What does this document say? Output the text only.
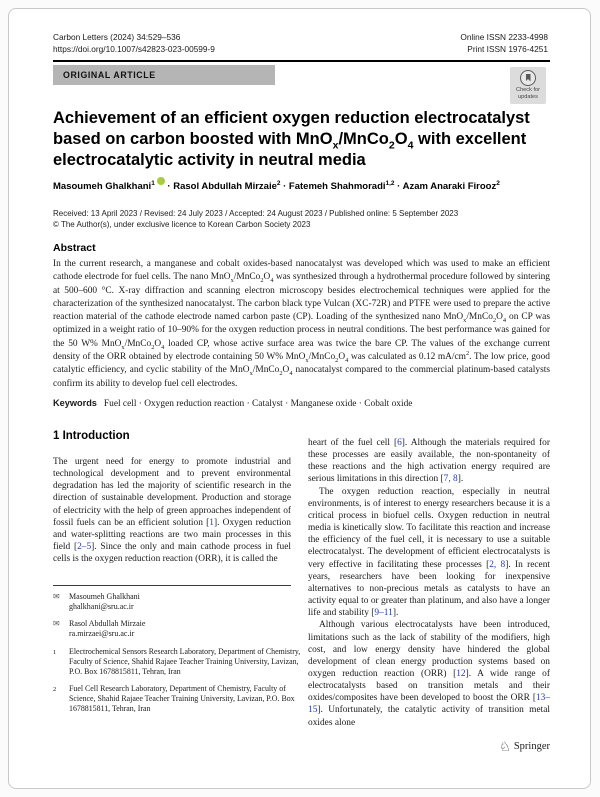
Carbon Letters (2024) 34:529–536
https://doi.org/10.1007/s42823-023-00599-9
Online ISSN 2233-4998
Print ISSN 1976-4251
ORIGINAL ARTICLE
Check for
updates
Achievement of an efficient oxygen reduction electrocatalyst based on carbon boosted with $MnO_x/MnCo_2O_4$ with excellent electrocatalytic activity in neutral media
Masoumeh Ghalkhani$^1$ · Rasol Abdullah Mirzaie$^2$ · Fatemeh Shahmoradi$^{1,2}$ · Azam Anaraki Firooz$^2$
Received: 13 April 2023 / Revised: 24 July 2023 / Accepted: 24 August 2023 / Published online: 5 September 2023
© The Author(s), under exclusive licence to Korean Carbon Society 2023
Abstract
In the current research, a manganese and cobalt oxides-based nanocatalyst was developed which was used to make an efficient cathode electrode for fuel cells. The nano $MnO_x/MnCo_2O_4$ was synthesized through a hydrothermal procedure followed by sintering at 500–600 °C. X-ray diffraction and scanning electron microscopy besides electrochemical techniques were applied for the characterization of the synthesized nanocatalyst. The carbon black type Vulcan (XC-72R) and PTFE were used to prepare the active reaction material of the cathode electrode named carbon paste (CP). Loading of the synthesized nano $MnO_x/MnCo_2O_4$ on CP was optimized in a weight ratio of 10–90% for the oxygen reduction process in neutral conditions. The best performance was gained for the 50 W% $MnO_x/MnCo_2O_4$ loaded CP, whose active surface area was twice the bare CP. The values of the exchange current density of the ORR obtained by electrode containing 50 W% $MnO_x/MnCo_2O_4$ was calculated as 0.12 $mA/cm^2$. The low price, good catalytic efficiency, and cyclic stability of the $MnO_x/MnCo_2O_4$ nanocatalyst compared to the commercial platinum-based catalysts confirm its ability to develop fuel cell electrodes.
Keywords Fuel cell · Oxygen reduction reaction · Catalyst · Manganese oxide · Cobalt oxide
1 Introduction
The urgent need for energy to promote industrial and technological development and to prevent environmental degradation has led the majority of scientific research in the direction of sustainable development. Production and storage of electricity with the help of green approaches independent of fossil fuels can be an efficient solution [1]. Oxygen reduction and water-splitting reactions are two main processes in this field [2–5]. Since the only and main cathode process in fuel cells is the oxygen reduction reaction (ORR), it is called the

heart of the fuel cell [6]. Although the materials required for these processes are easily available, the non-spontaneity of these reactions and the high activation energy required are serious limitations in this direction [7, 8].

The oxygen reduction reaction, especially in neutral environments, is of interest to energy researchers because it is a critical process in biofuel cells. Oxygen reduction in neutral media is kinetically slow. To facilitate this reaction and increase the efficiency of the fuel cell, it is necessary to use a suitable electrocatalyst. The development of efficient electrocatalysts is very effective in facilitating these processes [2, 8]. In recent years, researchers have been looking for inexpensive alternatives to non-precious metals as catalysts to have an activity equal to or greater than platinum, and also have a longer life and stability [9–11].

Although various electrocatalysts have been introduced, limitations such as the lack of stability of the modifiers, high cost, and low energy density have hindered the global development of clean energy production systems based on oxygen reduction reaction (ORR) [12]. A wide range of electrocatalysts based on transition metals and their oxides/composites have been developed to boost the ORR [13–15]. Unfortunately, the catalytic activity of transition metal oxides alone

✉	Masoumeh Ghalkhani
ghalkhani@sru.ac.ir
✉	Rasol Abdullah Mirzaie
ra.mirzaei@sru.ac.ir
1	Electrochemical Sensors Research Laboratory, Department of Chemistry, Faculty of Science, Shahid Rajaee Teacher Training University, Lavizan, P.O. Box 1678815811, Tehran, Iran
2	Fuel Cell Research Laboratory, Department of Chemistry, Faculty of Science, Shahid Rajaee Teacher Training University, Lavizan, P.O. Box 1678815811, Tehran, Iran
♘ Springer
